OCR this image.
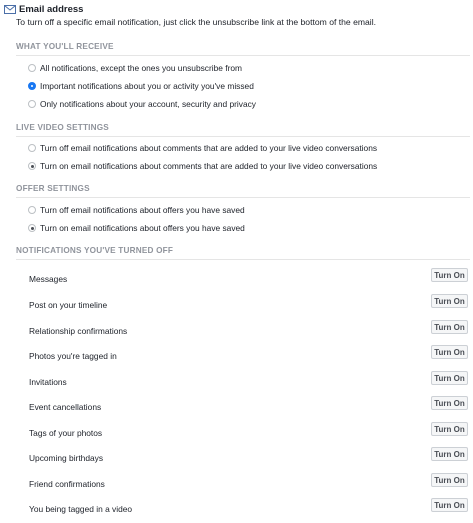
Email address
To turn off a specific email notification, just click the unsubscribe link at the bottom of the email.
WHAT YOU'LL RECEIVE
All notifications, except the ones you unsubscribe from
Important notifications about you or activity you've missed
Only notifications about your account, security and privacy
LIVE VIDEO SETTINGS
Turn off email notifications about comments that are added to your live video conversations
Turn on email notifications about comments that are added to your live video conversations
OFFER SETTINGS
Turn off email notifications about offers you have saved
Turn on email notifications about offers you have saved
NOTIFICATIONS YOU'VE TURNED OFF
Messages	Turn On
Post on your timeline	Turn On
Relationship confirmations	Turn On
Photos you're tagged in	Turn On
Invitations	Turn On
Event cancellations	Turn On
Tags of your photos	Turn On
Upcoming birthdays	Turn On
Friend confirmations	Turn On
You being tagged in a video	Turn On
